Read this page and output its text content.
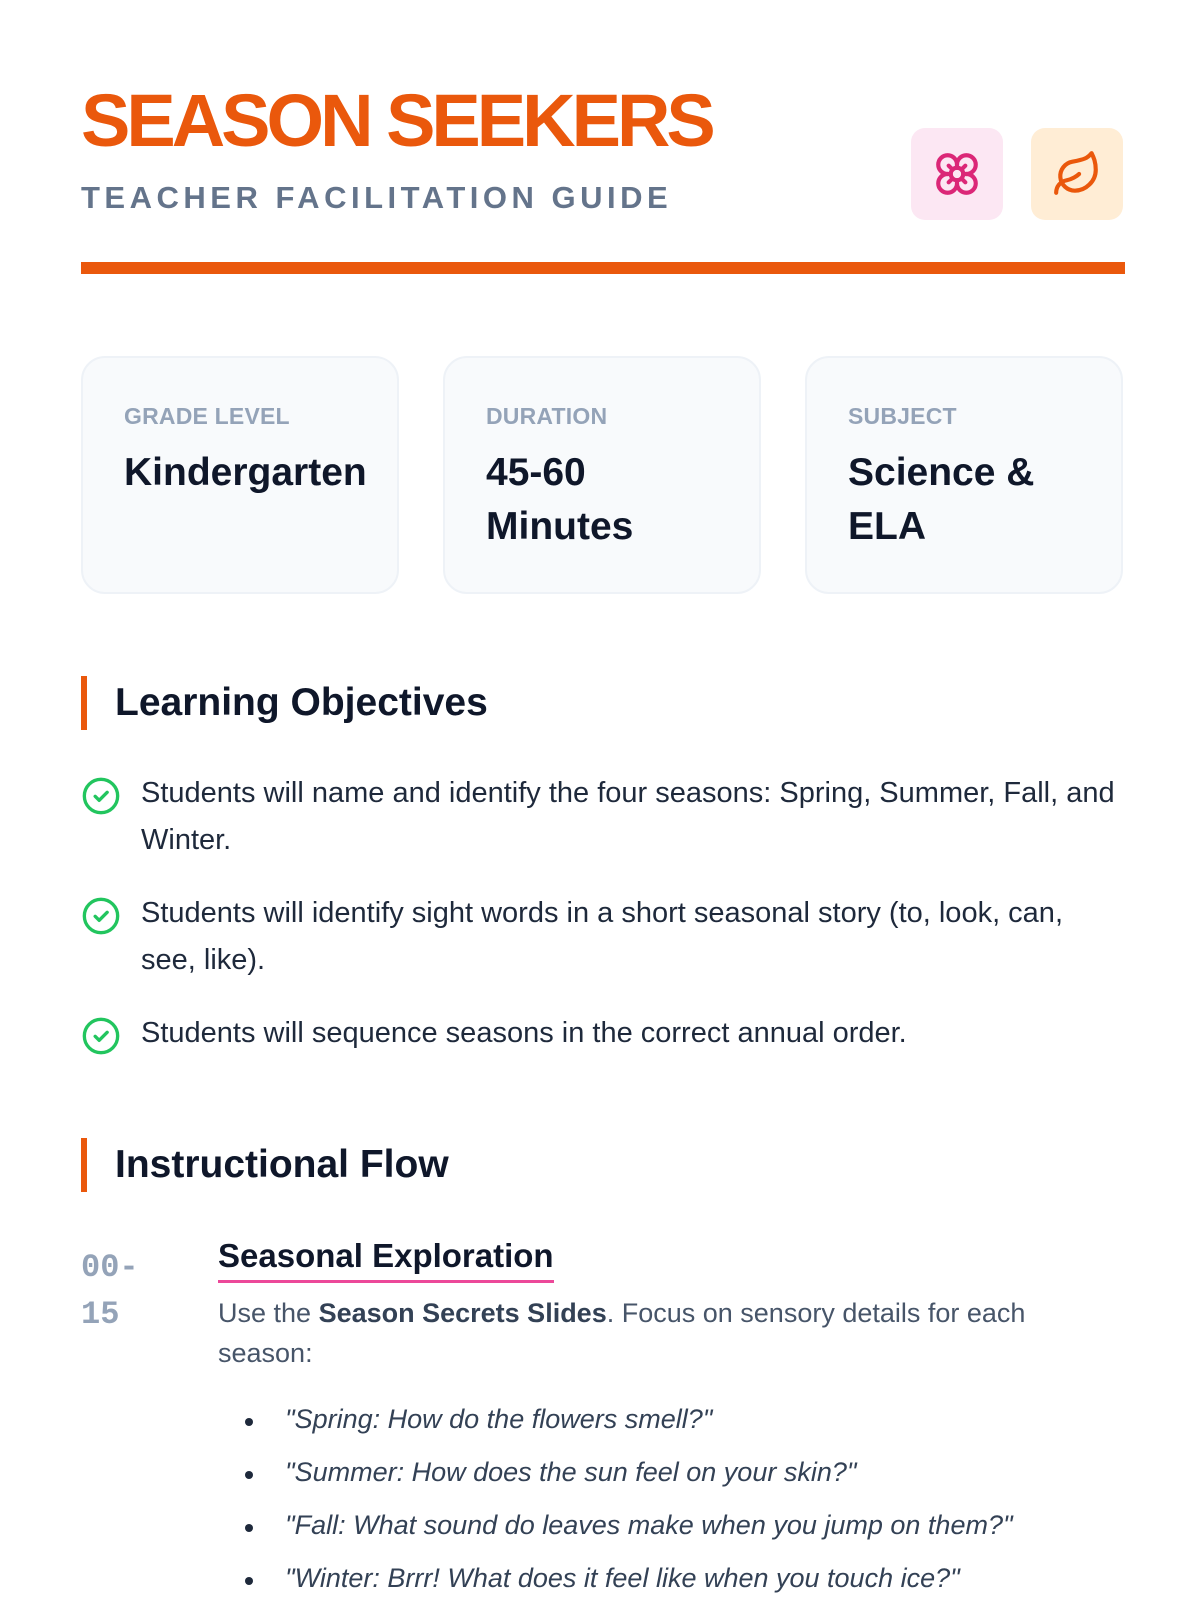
SEASON SEEKERS
TEACHER FACILITATION GUIDE
GRADE LEVEL
Kindergarten
DURATION
45-60 Minutes
SUBJECT
Science & ELA
Learning Objectives
Students will name and identify the four seasons: Spring, Summer, Fall, and Winter.
Students will identify sight words in a short seasonal story (to, look, can, see, like).
Students will sequence seasons in the correct annual order.
Instructional Flow
00-15
Seasonal Exploration

Use the Season Secrets Slides. Focus on sensory details for each season:

"Spring: How do the flowers smell?"
"Summer: How does the sun feel on your skin?"
"Fall: What sound do leaves make when you jump on them?"
"Winter: Brrr! What does it feel like when you touch ice?"
